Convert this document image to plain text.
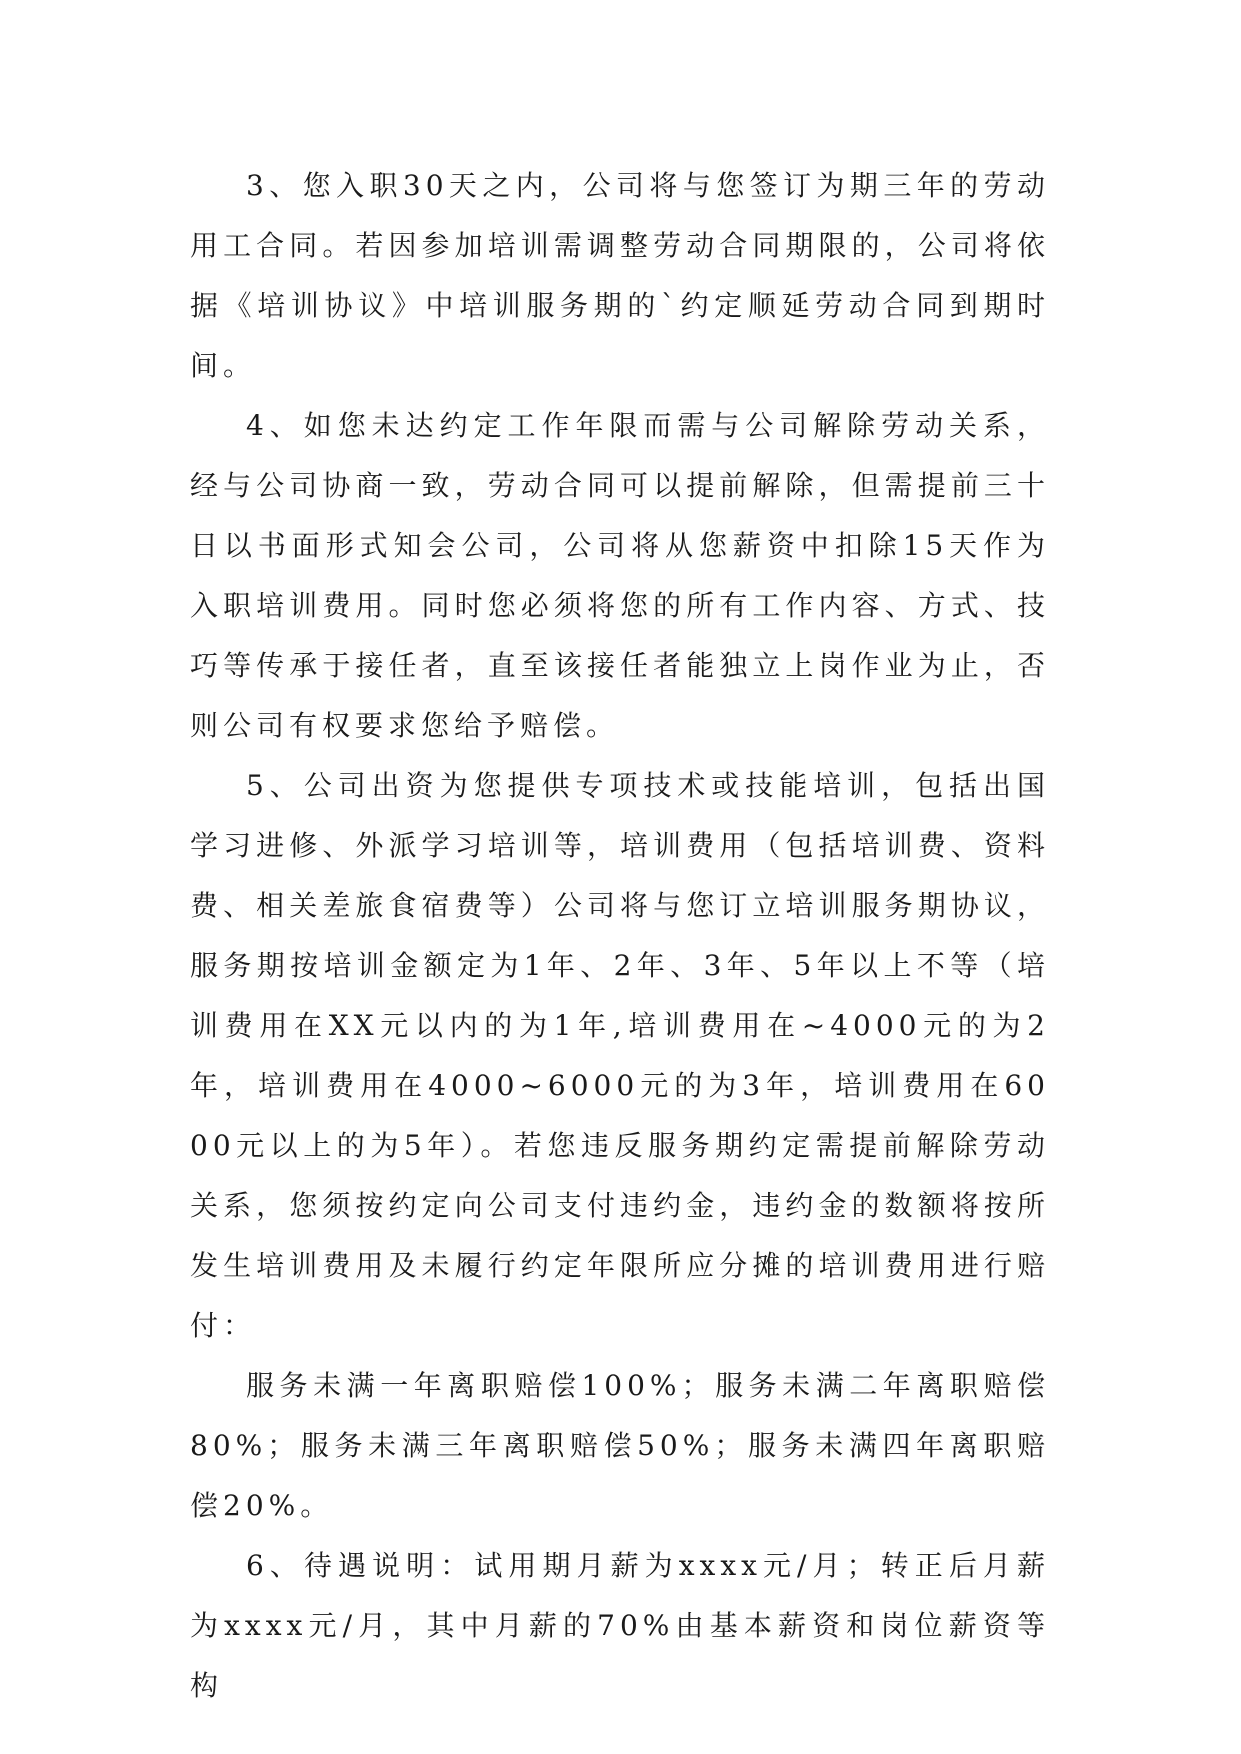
3、您入职30天之内，公司将与您签订为期三年的劳动用工合同。若因参加培训需调整劳动合同期限的，公司将依据《培训协议》中培训服务期的`约定顺延劳动合同到期时间。

4、如您未达约定工作年限而需与公司解除劳动关系，经与公司协商一致，劳动合同可以提前解除，但需提前三十日以书面形式知会公司，公司将从您薪资中扣除15天作为入职培训费用。同时您必须将您的所有工作内容、方式、技巧等传承于接任者，直至该接任者能独立上岗作业为止，否则公司有权要求您给予赔偿。

5、公司出资为您提供专项技术或技能培训，包括出国学习进修、外派学习培训等，培训费用（包括培训费、资料费、相关差旅食宿费等）公司将与您订立培训服务期协议，服务期按培训金额定为1年、2年、3年、5年以上不等（培训费用在XX元以内的为1年,培训费用在~4000元的为2年，培训费用在4000~6000元的为3年，培训费用在6000元以上的为5年）。若您违反服务期约定需提前解除劳动关系，您须按约定向公司支付违约金，违约金的数额将按所发生培训费用及未履行约定年限所应分摊的培训费用进行赔付：

服务未满一年离职赔偿100%；服务未满二年离职赔偿80%；服务未满三年离职赔偿50%；服务未满四年离职赔偿20%。

6、待遇说明：试用期月薪为xxxx元/月；转正后月薪为xxxx元/月，其中月薪的70%由基本薪资和岗位薪资等构
